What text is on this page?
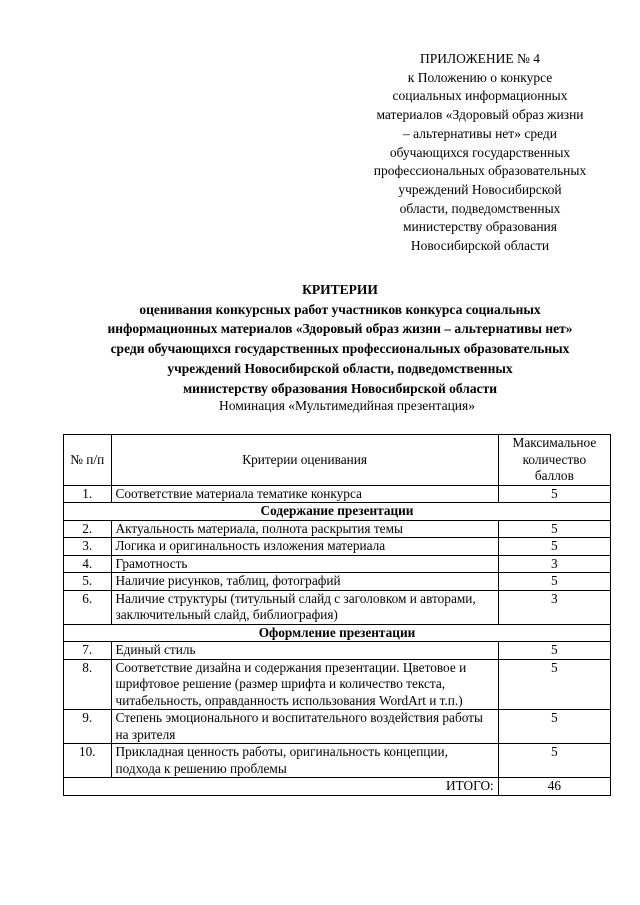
ПРИЛОЖЕНИЕ № 4
к Положению о конкурсе
социальных информационных
материалов «Здоровый образ жизни
– альтернативы нет» среди
обучающихся государственных
профессиональных образовательных
учреждений Новосибирской
области, подведомственных
министерству образования
Новосибирской области
КРИТЕРИИ
оценивания конкурсных работ участников конкурса социальных
информационных материалов «Здоровый образ жизни – альтернативы нет»
среди обучающихся государственных профессиональных образовательных
учреждений Новосибирской области, подведомственных
министерству образования Новосибирской области
Номинация «Мультимедийная презентация»
№ п/п	Критерии оценивания	Максимальное количество баллов
1.	Соответствие материала тематике конкурса	5
Содержание презентации		
2.	Актуальность материала, полнота раскрытия темы	5
3.	Логика и оригинальность изложения материала	5
4.	Грамотность	3
5.	Наличие рисунков, таблиц, фотографий	5
6.	Наличие структуры (титульный слайд с заголовком и авторами, заключительный слайд, библиография)	3
Оформление презентации		
7.	Единый стиль	5
8.	Соответствие дизайна и содержания презентации. Цветовое и шрифтовое решение (размер шрифта и количество текста, читабельность, оправданность использования WordArt и т.п.)	5
9.	Степень эмоционального и воспитательного воздействия работы на зрителя	5
10.	Прикладная ценность работы, оригинальность концепции, подхода к решению проблемы	5
ИТОГО:		46
